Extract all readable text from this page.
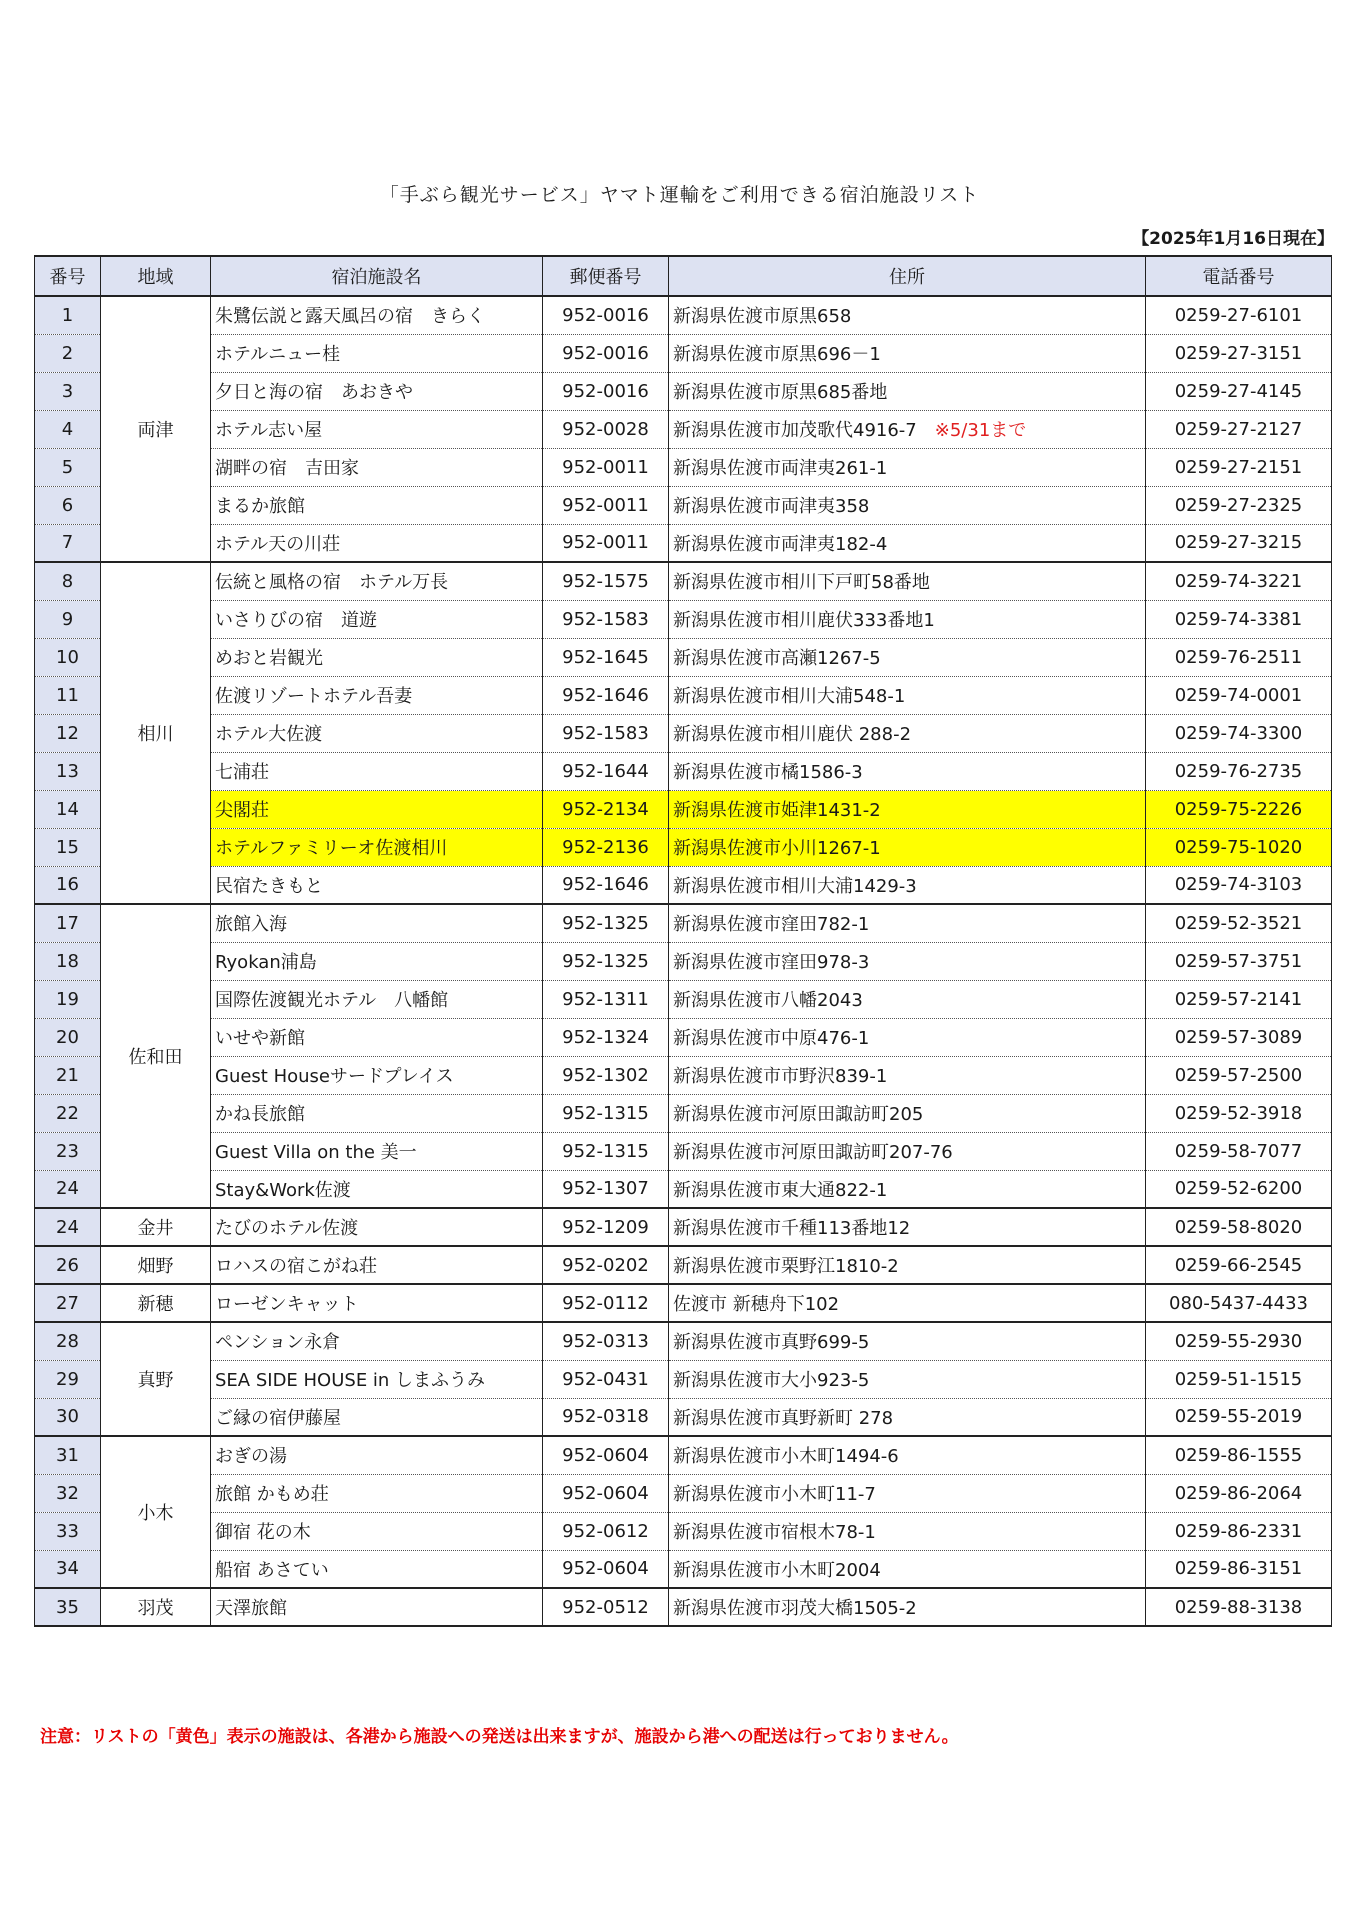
「手ぶら観光サービス」ヤマト運輸をご利用できる宿泊施設リスト
【2025年1月16日現在】
番号	地域	宿泊施設名	郵便番号	住所	電話番号
1	両津	朱鷺伝説と露天風呂の宿　きらく	952-0016	新潟県佐渡市原黒658	0259-27-6101
2		ホテルニュー桂	952-0016	新潟県佐渡市原黒696－1	0259-27-3151
3		夕日と海の宿　あおきや	952-0016	新潟県佐渡市原黒685番地	0259-27-4145
4		ホテル志い屋	952-0028	新潟県佐渡市加茂歌代4916-7 ※5/31まで	0259-27-2127
5		湖畔の宿　吉田家	952-0011	新潟県佐渡市両津夷261-1	0259-27-2151
6		まるか旅館	952-0011	新潟県佐渡市両津夷358	0259-27-2325
7		ホテル天の川荘	952-0011	新潟県佐渡市両津夷182-4	0259-27-3215
8	相川	伝統と風格の宿　ホテル万長	952-1575	新潟県佐渡市相川下戸町58番地	0259-74-3221
9		いさりびの宿　道遊	952-1583	新潟県佐渡市相川鹿伏333番地1	0259-74-3381
10		めおと岩観光	952-1645	新潟県佐渡市高瀬1267-5	0259-76-2511
11		佐渡リゾートホテル吾妻	952-1646	新潟県佐渡市相川大浦548-1	0259-74-0001
12		ホテル大佐渡	952-1583	新潟県佐渡市相川鹿伏 288-2	0259-74-3300
13		七浦荘	952-1644	新潟県佐渡市橘1586-3	0259-76-2735
14		尖閣荘	952-2134	新潟県佐渡市姫津1431-2	0259-75-2226
15		ホテルファミリーオ佐渡相川	952-2136	新潟県佐渡市小川1267-1	0259-75-1020
16		民宿たきもと	952-1646	新潟県佐渡市相川大浦1429-3	0259-74-3103
17	佐和田	旅館入海	952-1325	新潟県佐渡市窪田782-1	0259-52-3521
18		Ryokan浦島	952-1325	新潟県佐渡市窪田978-3	0259-57-3751
19		国際佐渡観光ホテル　八幡館	952-1311	新潟県佐渡市八幡2043	0259-57-2141
20		いせや新館	952-1324	新潟県佐渡市中原476-1	0259-57-3089
21		Guest Houseサードプレイス	952-1302	新潟県佐渡市市野沢839-1	0259-57-2500
22		かね長旅館	952-1315	新潟県佐渡市河原田諏訪町205	0259-52-3918
23		Guest Villa on the 美一	952-1315	新潟県佐渡市河原田諏訪町207-76	0259-58-7077
24		Stay&Work佐渡	952-1307	新潟県佐渡市東大通822-1	0259-52-6200
24	金井	たびのホテル佐渡	952-1209	新潟県佐渡市千種113番地12	0259-58-8020
26	畑野	ロハスの宿こがね荘	952-0202	新潟県佐渡市栗野江1810-2	0259-66-2545
27	新穂	ローゼンキャット	952-0112	佐渡市 新穂舟下102	080-5437-4433
28	真野	ペンション永倉	952-0313	新潟県佐渡市真野699-5	0259-55-2930
29		SEA SIDE HOUSE in しまふうみ	952-0431	新潟県佐渡市大小923-5	0259-51-1515
30		ご縁の宿伊藤屋	952-0318	新潟県佐渡市真野新町 278	0259-55-2019
31	小木	おぎの湯	952-0604	新潟県佐渡市小木町1494-6	0259-86-1555
32		旅館 かもめ荘	952-0604	新潟県佐渡市小木町11-7	0259-86-2064
33		御宿 花の木	952-0612	新潟県佐渡市宿根木78-1	0259-86-2331
34		船宿 あさてい	952-0604	新潟県佐渡市小木町2004	0259-86-3151
35	羽茂	天澤旅館	952-0512	新潟県佐渡市羽茂大橋1505-2	0259-88-3138
注意：リストの「黄色」表示の施設は、各港から施設への発送は出来ますが、施設から港への配送は行っておりません。
